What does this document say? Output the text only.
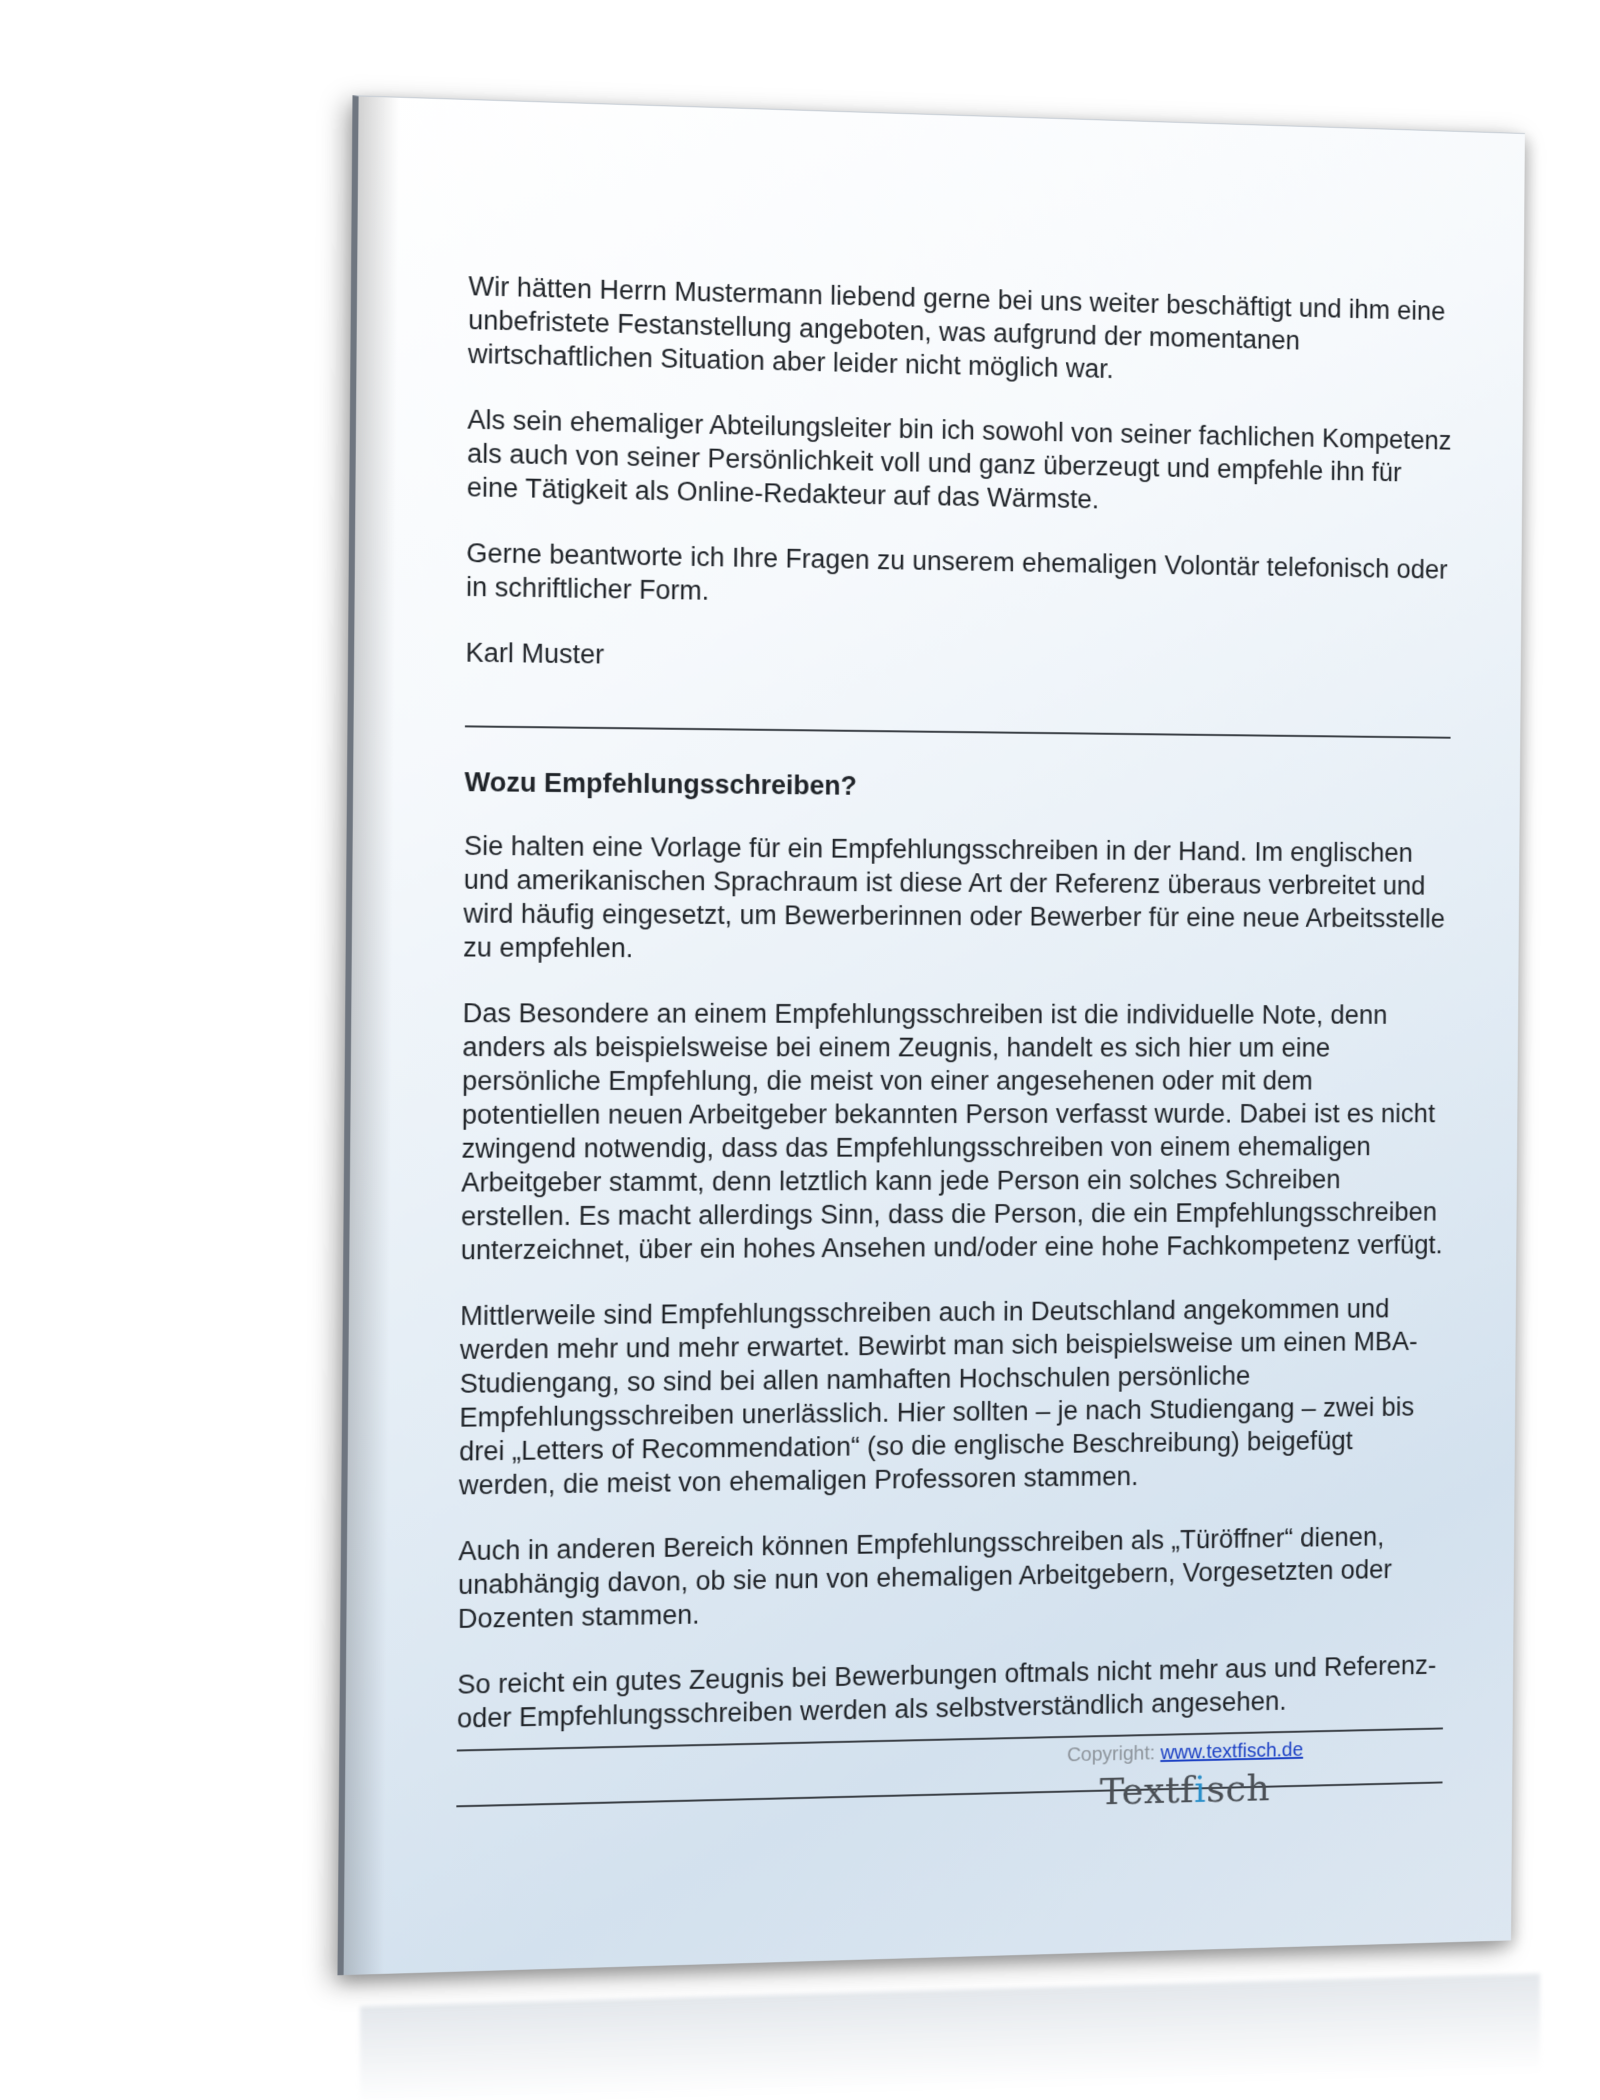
Wir hätten Herrn Mustermann liebend gerne bei uns weiter beschäftigt und ihm eine unbefristete Festanstellung angeboten, was aufgrund der momentanen wirtschaftlichen Situation aber leider nicht möglich war.

Als sein ehemaliger Abteilungsleiter bin ich sowohl von seiner fachlichen Kompetenz als auch von seiner Persönlichkeit voll und ganz überzeugt und empfehle ihn für eine Tätigkeit als Online-Redakteur auf das Wärmste.

Gerne beantworte ich Ihre Fragen zu unserem ehemaligen Volontär telefonisch oder in schriftlicher Form.

Karl Muster

Wozu Empfehlungsschreiben?

Sie halten eine Vorlage für ein Empfehlungsschreiben in der Hand. Im englischen und amerikanischen Sprachraum ist diese Art der Referenz überaus verbreitet und wird häufig eingesetzt, um Bewerberinnen oder Bewerber für eine neue Arbeitsstelle zu empfehlen.

Das Besondere an einem Empfehlungsschreiben ist die individuelle Note, denn anders als beispielsweise bei einem Zeugnis, handelt es sich hier um eine persönliche Empfehlung, die meist von einer angesehenen oder mit dem potentiellen neuen Arbeitgeber bekannten Person verfasst wurde. Dabei ist es nicht zwingend notwendig, dass das Empfehlungsschreiben von einem ehemaligen Arbeitgeber stammt, denn letztlich kann jede Person ein solches Schreiben erstellen. Es macht allerdings Sinn, dass die Person, die ein Empfehlungsschreiben unterzeichnet, über ein hohes Ansehen und/oder eine hohe Fachkompetenz verfügt.

Mittlerweile sind Empfehlungsschreiben auch in Deutschland angekommen und werden mehr und mehr erwartet. Bewirbt man sich beispielsweise um einen MBA-Studiengang, so sind bei allen namhaften Hochschulen persönliche Empfehlungsschreiben unerlässlich. Hier sollten – je nach Studiengang – zwei bis drei „Letters of Recommendation“ (so die englische Beschreibung) beigefügt werden, die meist von ehemaligen Professoren stammen.

Auch in anderen Bereich können Empfehlungsschreiben als „Türöffner“ dienen, unabhängig davon, ob sie nun von ehemaligen Arbeitgebern, Vorgesetzten oder Dozenten stammen.

So reicht ein gutes Zeugnis bei Bewerbungen oftmals nicht mehr aus und Referenz- oder Empfehlungsschreiben werden als selbstverständlich angesehen.

Copyright: www.textfisch.de
Textfisch
